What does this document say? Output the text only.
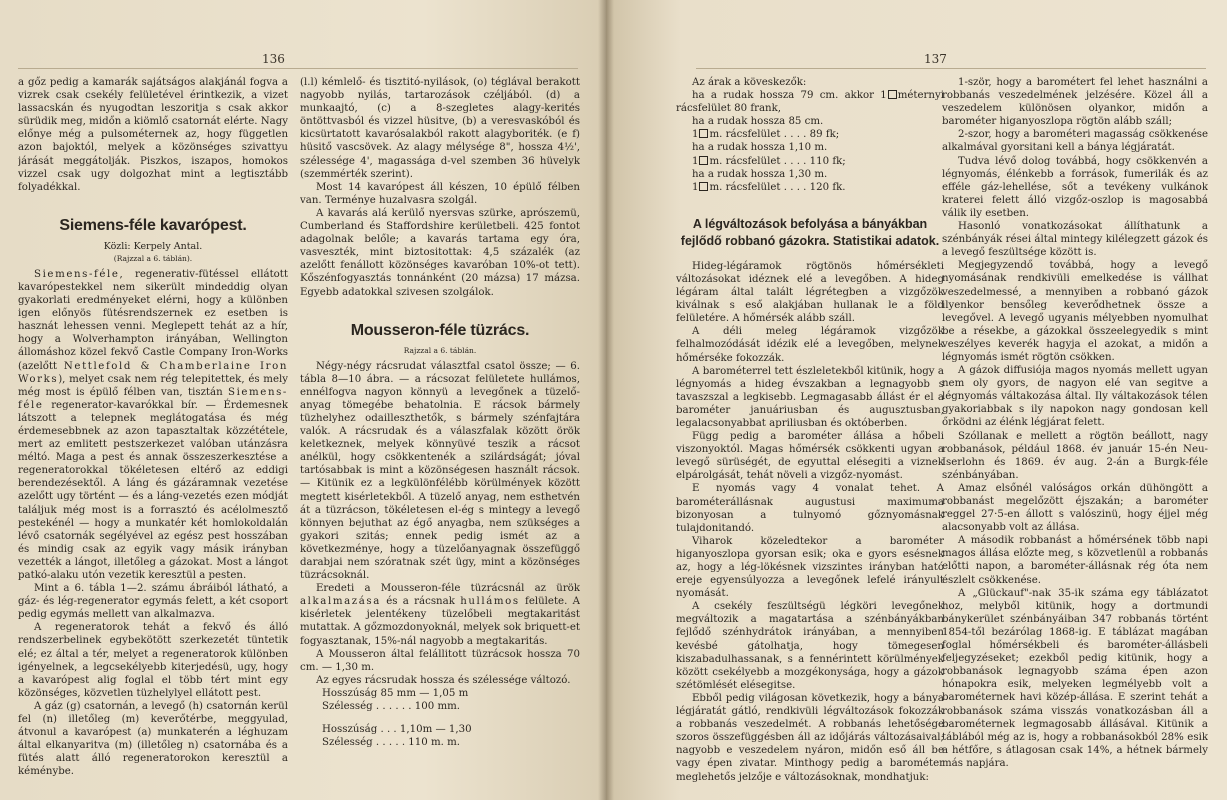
136

a gőz pedig a kamarák sajátságos alakjánál fogva a vizrek csak csekély felületével érintkezik, a vizet lassacskán és nyugodtan leszoritja s csak akkor sürüdik meg, midőn a kiömlő csatornát elérte. Nagy előnye még a pulsométernek az, hogy független azon bajoktól, melyek a közönséges szivattyu járását meggátolják. Piszkos, iszapos, homokos vizzel csak ugy dolgozhat mint a legtisztább folyadékkal.

Siemens-féle kavarópest.
Közli: Kerpely Antal.
(Rajzzal a 6. táblán).

Siemens-féle, regenerativ-fütéssel ellátott kavarópestekkel nem sikerült mindeddig olyan gyakorlati eredményeket elérni, hogy a különben igen előnyös fütésrendszernek ez esetben is hasznát lehessen venni. Meglepett tehát az a hír, hogy a Wolverhampton irányában, Wellington állomáshoz közel fekvő Castle Company Iron-Works (azelőtt Nettlefold & Chamberlaine Iron Works), melyet csak nem rég telepitettek, és mely még most is épülő félben van, tisztán Siemens-féle regenerator-kavarókkal bír. — Érdemesnek látszott a telepnek meglátogatása és még érdemesebbnek az azon tapasztaltak közzététele, mert az emlitett pestszerkezet valóban utánzásra méltó. Maga a pest és annak összeszerkesztése a regeneratorokkal tökéletesen eltérő az eddigi berendezésektől. A láng és gázáramnak vezetése azelőtt ugy történt — és a láng-vezetés ezen módját találjuk még most is a forrasztó és acélolmesztő pestekénél — hogy a munkatér két homlokoldalán lévő csatornák segélyével az egész pest hosszában és mindig csak az egyik vagy másik irányban vezették a lángot, illetőleg a gázokat. Most a lángot patkó-alaku utón vezetik keresztül a pesten.

Mint a 6. tábla 1—2. számu ábráiból látható, a gáz- és lég-regenerator egymás felett, a két csoport pedig egymás mellett van alkalmazva.

A regeneratorok tehát a fekvő és álló rendszerbelinek egybekötött szerkezetét tüntetik elé; ez által a tér, melyet a regeneratorok különben igényelnek, a legcsekélyebb kiterjedésü, ugy, hogy a kavarópest alig foglal el több tért mint egy közönséges, közvetlen tüzhelylyel ellátott pest.

A gáz (g) csatornán, a levegő (h) csatornán kerül fel (n) illetőleg (m) keverőtérbe, meggyulad, átvonul a kavarópest (a) munkaterén a léghuzam által elkanyaritva (m) (illetőleg n) csatornába és a fütés alatt álló regeneratorokon keresztül a kéménybe.

(l.l) kémlelő- és tisztitó-nyilások, (o) téglával berakott nagyobb nyilás, tartarozások czéljából. (d) a munkaajtó, (c) a 8-szegletes alagy-kerités öntöttvasból és vizzel hüsitve, (b) a veresvaskóból és kicsürtatott kavarósalakból rakott alagyboriték. (e f) hüsitő vascsövek. Az alagy mélysége 8", hossza 4½', szélessége 4', magassága d-vel szemben 36 hüvelyk (szemmérték szerint).

Most 14 kavarópest áll készen, 10 épülő félben van. Terménye huzalvasra szolgál.

A kavarás alá kerülő nyersvas szürke, aprószemü, Cumberland és Staffordshire kerületbeli. 425 fontot adagolnak belőle; a kavarás tartama egy óra, vasveszték, mint biztositottak: 4,5 százalék (az azelőtt fenállott közönséges kavaróban 10%-ot tett). Kőszénfogyasztás tonnánként (20 mázsa) 17 mázsa. Egyebb adatokkal szivesen szolgálok.

Mousseron-féle tüzrács.
Rajzzal a 6. táblán.

Négy-négy rácsrudat választfal csatol össze; — 6. tábla 8—10 ábra. — a rácsozat felületete hullámos, ennélfogva nagyon könnyü a levegőnek a tüzelő-anyag tömegébe behatolnia. E rácsok bármely tüzhelyhez odailleszthetők, s bármely szénfajtára valók. A rácsrudak és a válaszfalak között örök keletkeznek, melyek könnyüvé teszik a rácsot anélkül, hogy csökkentenék a szilárdságát; jóval tartósabbak is mint a közönségesen használt rácsok. — Kitünik ez a legkülönfélébb körülmények között megtett kisérletekből. A tüzelő anyag, nem esthetvén át a tüzrácson, tökéletesen el-ég s mintegy a levegő könnyen bejuthat az égő anyagba, nem szükséges a gyakori szitás; ennek pedig ismét az a következménye, hogy a tüzelőanyagnak összefüggő darabjai nem szóratnak szét ügy, mint a közönséges tüzrácsoknál.

Eredeti a Mousseron-féle tüzrácsnál az ürök alkalmazása és a rácsnak hullámos felülete. A kisérletek jelentékeny tüzelőbeli megtakaritást mutattak. A gőzmozdonyoknál, melyek sok briquett-et fogyasztanak, 15%-nál nagyobb a megtakaritás.

A Mousseron által felállitott tüzrácsok hossza 70 cm. — 1,30 m.

Az egyes rácsrudak hossza és szélessége változó.

Hosszúság 85 mm — 1,05 m
Szélesség . . . . . . 100 mm.
Hosszúság . . . 1,10m — 1,30
Szélesség . . . . . 110 m. m.
137

Az árak a köveskezők:

ha a rudak hossza 79 cm. akkor 1 méternyi rácsfelület 80 frank,

ha a rudak hossza 85 cm.

1 m. rácsfelület . . . . 89 fk;

ha a rudak hossza 1,10 m.

1 m. rácsfelület . . . . 110 fk;

ha a rudak hossza 1,30 m.

1 m. rácsfelület . . . . 120 fk.

A légváltozások befolyása a bányákban fejlődő robbanó gázokra. Statistikai adatok.

Hideg-légáramok rögtönös hőmérsékleti változásokat idéznek elé a levegőben. A hideg légáram által talált légrétegben a vizgőzök kiválnak s eső alakjában hullanak le a föld felületére. A hőmérsék alább száll.

A déli meleg légáramok vizgőzök felhalmozódását idézik elé a levegőben, melynek hőmérséke fokozzák.

A barométerrel tett észleletekből kitünik, hogy a légnyomás a hideg évszakban a legnagyobb s tavaszszal a legkisebb. Legmagasabb állást ér el a barométer januáriusban és augusztusban, legalacsonyabbat apriliusban és októberben.

Függ pedig a barométer állása a hőbeli viszonyoktól. Magas hőmérsék csökkenti ugyan a levegő sürüségét, de egyuttal elésegiti a viznek elpárolgását, tehát növeli a vizgőz-nyomást.

E nyomás vagy 4 vonalat tehet. A barométerállásnak augustusi maximuma bizonyosan a tulnyomó gőznyomásnak tulajdonitandó.

Viharok közeledtekor a barométer higanyoszlopa gyorsan esik; oka e gyors esésnek az, hogy a lég-lökésnek vizszintes irányban ható ereje egyensúlyozza a levegőnek lefelé irányult nyomását.

A csekély feszültségü légköri levegőnek megváltozik a magatartása a szénbányákban fejlődő szénhydrátok irányában, a mennyiben kevésbé gátolhatja, hogy tömegesen kiszabadulhassanak, s a fennérintett körülmények között csekélyebb a mozgékonysága, hogy a gázok szétömlését elésegitse.

Ebből pedig világosan következik, hogy a bánya légjáratát gátló, rendkivüli légváltozások fokozzák a robbanás veszedelmét. A robbanás lehetősége szoros összefüggésben áll az időjárás változásaival; nagyobb e veszedelem nyáron, midőn eső áll be vagy épen zivatar. Minthogy pedig a barométer meglehetős jelzője e változásoknak, mondhatjuk:

1-ször, hogy a barométert fel lehet használni a robbanás veszedelmének jelzésére. Közel áll a veszedelem különösen olyankor, midőn a barométer higanyoszlopa rögtön alább száll;

2-szor, hogy a barométeri magasság csökkenése alkalmával gyorsitani kell a bánya légjáratát.

Tudva lévő dolog továbbá, hogy csökkenvén a légnyomás, élénkebb a források, fumerilák és az efféle gáz-lehellése, sőt a tevékeny vulkánok kraterei felett álló vizgőz-oszlop is magosabbá válik ily esetben.

Hasonló vonatkozásokat állíthatunk a szénbányák rései által mintegy kilélegzett gázok és a levegő feszültsége között is.

Megjegyzendő továbbá, hogy a levegő nyomásának rendkivüli emelkedése is vállhat veszedelmessé, a mennyiben a robbanó gázok ilyenkor bensőleg keverődhetnek össze a levegővel. A levegő ugyanis mélyebben nyomulhat be a résekbe, a gázokkal összeelegyedik s mint veszélyes keverék hagyja el azokat, a midőn a légnyomás ismét rögtön csökken.

A gázok diffusiója magos nyomás mellett ugyan nem oly gyors, de nagyon elé van segitve a légnyomás váltakozása által. Ily váltakozások télen gyakoriabbak s ily napokon nagy gondosan kell őrködni az élénk légjárat felett.

Szóllanak e mellett a rögtön beállott, nagy robbanások, például 1868. év január 15-én Neu-Iserlohn és 1869. év aug. 2-án a Burgk-féle szénbányában.

Amaz elsőnél valóságos orkán dühöngött a robbanást megelőzött éjszakán; a barométer reggel 27·5-en állott s valószinü, hogy éjjel még alacsonyabb volt az állása.

A második robbanást a hőmérsének több napi magos állása előzte meg, s közvetlenül a robbanás előtti napon, a barométer-állásnak rég óta nem észlelt csökkenése.

A „Glückauf"-nak 35-ik száma egy táblázatot hoz, melyből kitünik, hogy a dortmundi bánykerület szénbányáiban 347 robbanás történt 1854-től bezárólag 1868-ig. E táblázat magában foglal hőmérsékbeli és barométer-állásbeli feljegyzéseket; ezekből pedig kitünik, hogy a robbanások legnagyobb száma épen azon hónapokra esik, melyeken legmélyebb volt a barométernek havi közép-állása. E szerint tehát a robbanások száma visszás vonatkozásban áll a barométernek legmagosabb állásával. Kitünik a táblából még az is, hogy a robbanásokból 28% esik a hétfőre, s átlagosan csak 14%, a hétnek bármely más napjára.
